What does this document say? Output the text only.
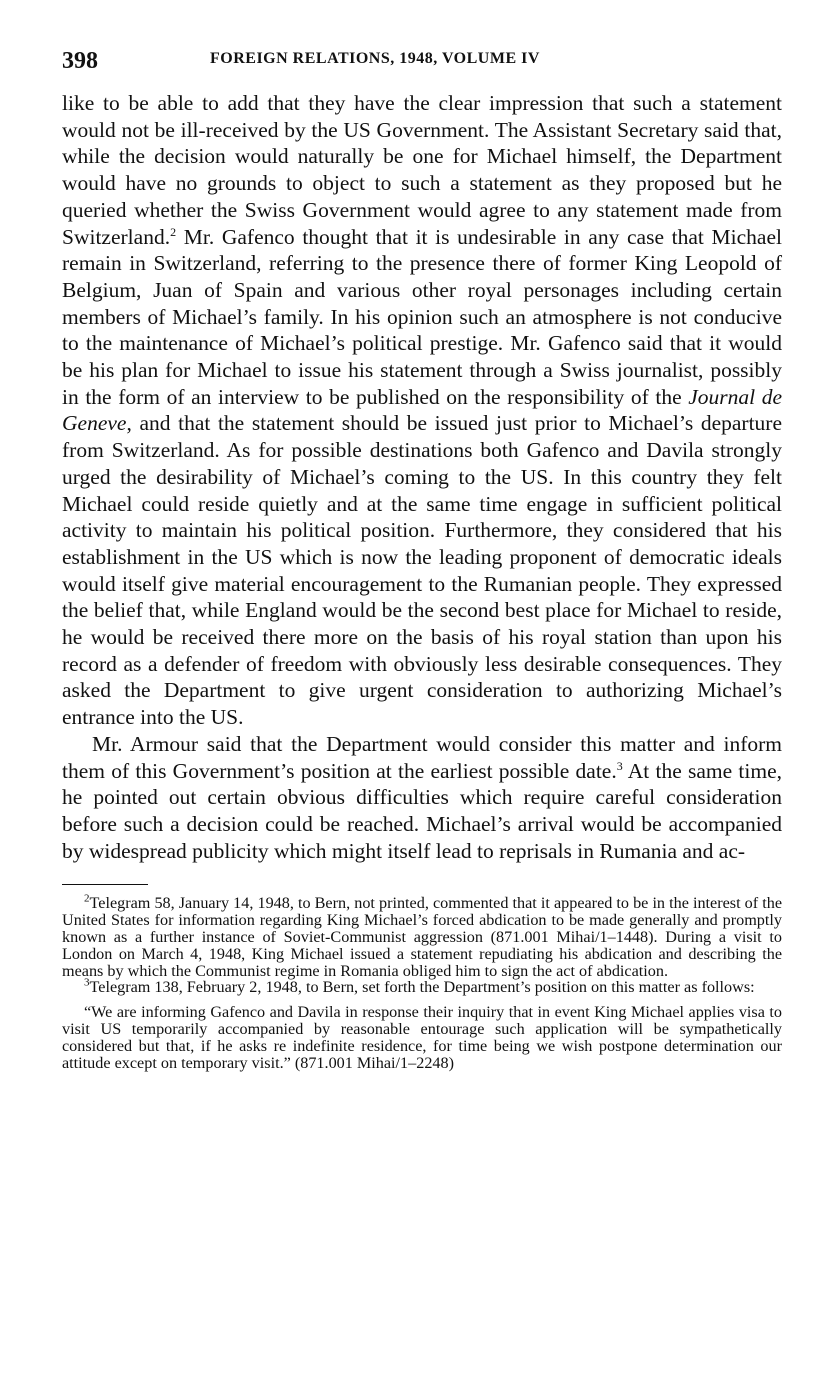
398	FOREIGN RELATIONS, 1948, VOLUME IV

like to be able to add that they have the clear impression that such a statement would not be ill-received by the US Government. The Assistant Secretary said that, while the decision would naturally be one for Michael himself, the Department would have no grounds to object to such a statement as they proposed but he queried whether the Swiss Government would agree to any statement made from Switzerland.$^2$ Mr. Gafenco thought that it is undesirable in any case that Michael remain in Switzerland, referring to the presence there of former King Leopold of Belgium, Juan of Spain and various other royal personages including certain members of Michael’s family. In his opinion such an atmosphere is not conducive to the maintenance of Michael’s political prestige. Mr. Gafenco said that it would be his plan for Michael to issue his statement through a Swiss journalist, possibly in the form of an interview to be published on the responsibility of the Journal de Geneve, and that the statement should be issued just prior to Michael’s departure from Switzerland. As for possible destinations both Gafenco and Davila strongly urged the desirability of Michael’s coming to the US. In this country they felt Michael could reside quietly and at the same time engage in sufficient political activity to maintain his political position. Furthermore, they considered that his establishment in the US which is now the leading proponent of democratic ideals would itself give material encouragement to the Rumanian people. They expressed the belief that, while England would be the second best place for Michael to reside, he would be received there more on the basis of his royal station than upon his record as a defender of freedom with obviously less desirable consequences. They asked the Department to give urgent consideration to authorizing Michael’s entrance into the US.

Mr. Armour said that the Department would consider this matter and inform them of this Government’s position at the earliest possible date.$^3$ At the same time, he pointed out certain obvious difficulties which require careful consideration before such a decision could be reached. Michael’s arrival would be accompanied by widespread publicity which might itself lead to reprisals in Rumania and ac-

$^2$Telegram 58, January 14, 1948, to Bern, not printed, commented that it appeared to be in the interest of the United States for information regarding King Michael’s forced abdication to be made generally and promptly known as a further instance of Soviet-Communist aggression (871.001 Mihai/1–1448). During a visit to London on March 4, 1948, King Michael issued a statement repudiating his abdication and describing the means by which the Communist regime in Romania obliged him to sign the act of abdication.

$^3$Telegram 138, February 2, 1948, to Bern, set forth the Department’s position on this matter as follows:

“We are informing Gafenco and Davila in response their inquiry that in event King Michael applies visa to visit US temporarily accompanied by reasonable entourage such application will be sympathetically considered but that, if he asks re indefinite residence, for time being we wish postpone determination our attitude except on temporary visit.” (871.001 Mihai/1–2248)
